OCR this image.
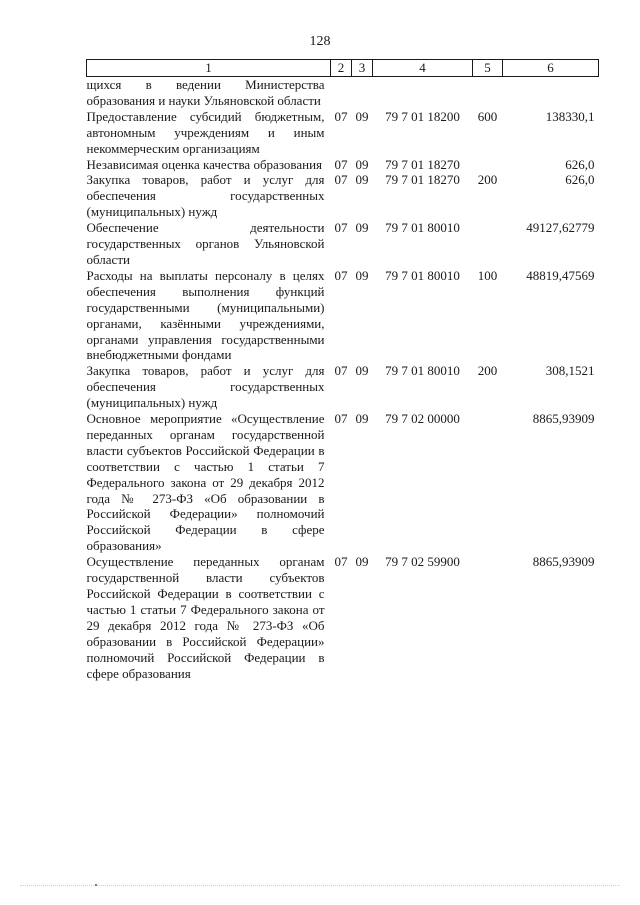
128
1	2	3	4	5	6
щихся в ведении Министерства образования и науки Ульяновской области					
Предоставление субсидий бюджетным, автономным учреждениям и иным некоммерческим организациям	07	09	79 7 01 18200	600	138330,1
Независимая оценка качества образования	07	09	79 7 01 18270		626,0
Закупка товаров, работ и услуг для обеспечения государственных (муниципальных) нужд	07	09	79 7 01 18270	200	626,0
Обеспечение деятельности государственных органов Ульяновской области	07	09	79 7 01 80010		49127,62779
Расходы на выплаты персоналу в целях обеспечения выполнения функций государственными (муниципальными) органами, казёнными учреждениями, органами управления государственными внебюджетными фондами	07	09	79 7 01 80010	100	48819,47569
Закупка товаров, работ и услуг для обеспечения государственных (муниципальных) нужд	07	09	79 7 01 80010	200	308,1521
Основное мероприятие «Осуществление переданных органам государственной власти субъектов Российской Федерации в соответствии с частью 1 статьи 7 Федерального закона от 29 декабря 2012 года № 273-ФЗ «Об образовании в Российской Федерации» полномочий Российской Федерации в сфере образования»	07	09	79 7 02 00000		8865,93909
Осуществление переданных органам государственной власти субъектов Российской Федерации в соответствии с частью 1 статьи 7 Федерального закона от 29 декабря 2012 года № 273-ФЗ «Об образовании в Российской Федерации» полномочий Российской Федерации в сфере образования	07	09	79 7 02 59900		8865,93909
